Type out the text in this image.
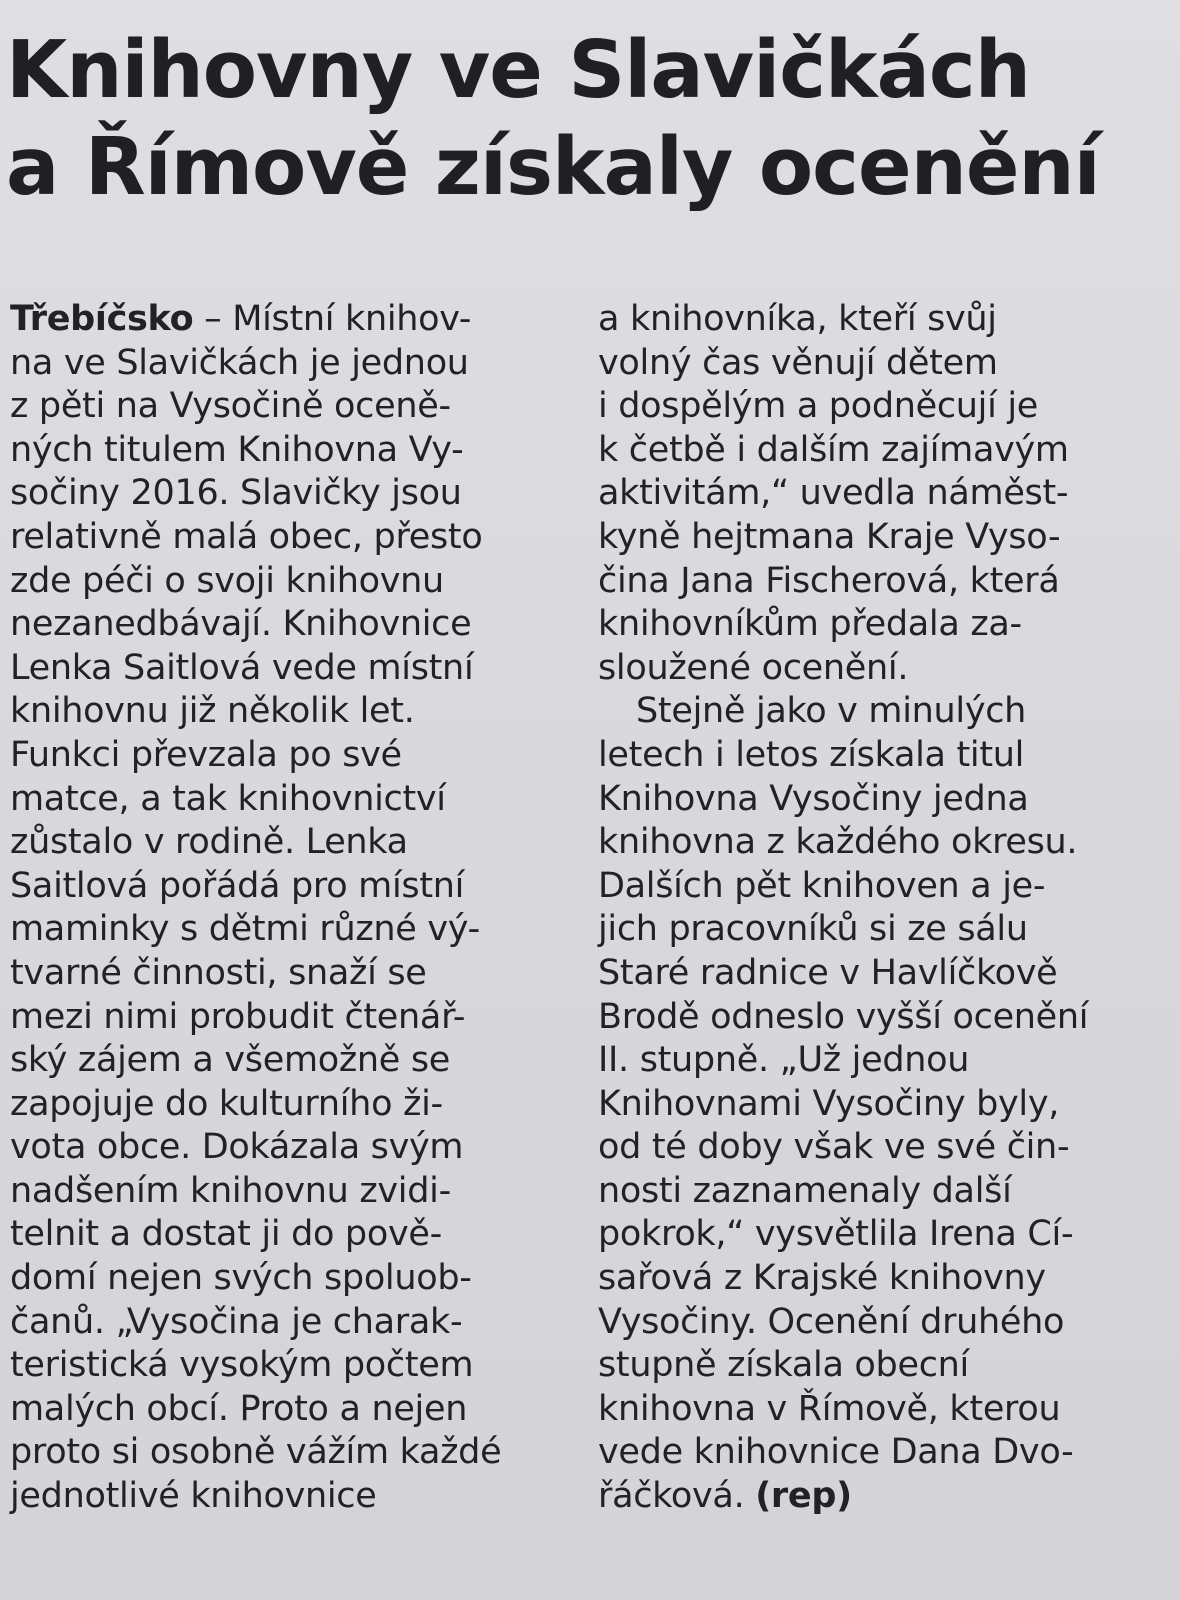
Knihovny ve Slavičkách
a Římově získaly ocenění
Třebíčsko – Místní knihov-
na ve Slavičkách je jednou
z pěti na Vysočině oceně-
ných titulem Knihovna Vy-
sočiny 2016. Slavičky jsou
relativně malá obec, přesto
zde péči o svoji knihovnu
nezanedbávají. Knihovnice
Lenka Saitlová vede místní
knihovnu již několik let.
Funkci převzala po své
matce, a tak knihovnictví
zůstalo v rodině. Lenka
Saitlová pořádá pro místní
maminky s dětmi různé vý-
tvarné činnosti, snaží se
mezi nimi probudit čtenář-
ský zájem a všemožně se
zapojuje do kulturního ži-
vota obce. Dokázala svým
nadšením knihovnu zvidi-
telnit a dostat ji do pově-
domí nejen svých spoluob-
čanů. „Vysočina je charak-
teristická vysokým počtem
malých obcí. Proto a nejen
proto si osobně vážím každé
jednotlivé knihovnice
a knihovníka, kteří svůj
volný čas věnují dětem
i dospělým a podněcují je
k četbě i dalším zajímavým
aktivitám,“ uvedla náměst-
kyně hejtmana Kraje Vyso-
čina Jana Fischerová, která
knihovníkům předala za-
sloužené ocenění.
Stejně jako v minulých
letech i letos získala titul
Knihovna Vysočiny jedna
knihovna z každého okresu.
Dalších pět knihoven a je-
jich pracovníků si ze sálu
Staré radnice v Havlíčkově
Brodě odneslo vyšší ocenění
II. stupně. „Už jednou
Knihovnami Vysočiny byly,
od té doby však ve své čin-
nosti zaznamenaly další
pokrok,“ vysvětlila Irena Cí-
sařová z Krajské knihovny
Vysočiny. Ocenění druhého
stupně získala obecní
knihovna v Římově, kterou
vede knihovnice Dana Dvo-
řáčková. (rep)
